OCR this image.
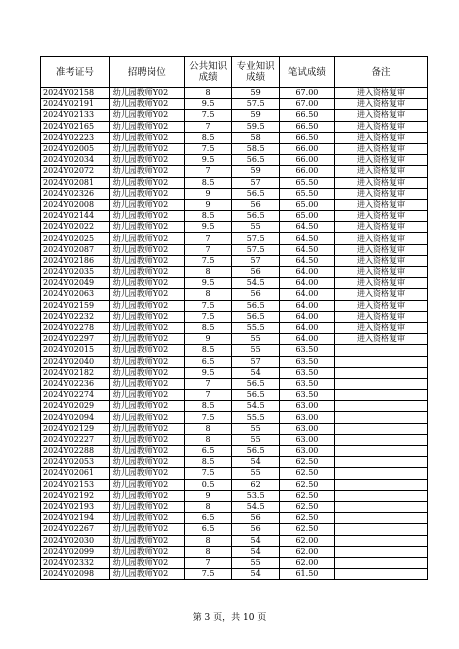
准考证号	招聘岗位	公共知识成绩	专业知识成绩	笔试成绩	备注
2024Y02158	幼儿园教师Y02	8	59	67.00	进入资格复审
2024Y02191	幼儿园教师Y02	9.5	57.5	67.00	进入资格复审
2024Y02133	幼儿园教师Y02	7.5	59	66.50	进入资格复审
2024Y02165	幼儿园教师Y02	7	59.5	66.50	进入资格复审
2024Y02223	幼儿园教师Y02	8.5	58	66.50	进入资格复审
2024Y02005	幼儿园教师Y02	7.5	58.5	66.00	进入资格复审
2024Y02034	幼儿园教师Y02	9.5	56.5	66.00	进入资格复审
2024Y02072	幼儿园教师Y02	7	59	66.00	进入资格复审
2024Y02081	幼儿园教师Y02	8.5	57	65.50	进入资格复审
2024Y02326	幼儿园教师Y02	9	56.5	65.50	进入资格复审
2024Y02008	幼儿园教师Y02	9	56	65.00	进入资格复审
2024Y02144	幼儿园教师Y02	8.5	56.5	65.00	进入资格复审
2024Y02022	幼儿园教师Y02	9.5	55	64.50	进入资格复审
2024Y02025	幼儿园教师Y02	7	57.5	64.50	进入资格复审
2024Y02087	幼儿园教师Y02	7	57.5	64.50	进入资格复审
2024Y02186	幼儿园教师Y02	7.5	57	64.50	进入资格复审
2024Y02035	幼儿园教师Y02	8	56	64.00	进入资格复审
2024Y02049	幼儿园教师Y02	9.5	54.5	64.00	进入资格复审
2024Y02063	幼儿园教师Y02	8	56	64.00	进入资格复审
2024Y02159	幼儿园教师Y02	7.5	56.5	64.00	进入资格复审
2024Y02232	幼儿园教师Y02	7.5	56.5	64.00	进入资格复审
2024Y02278	幼儿园教师Y02	8.5	55.5	64.00	进入资格复审
2024Y02297	幼儿园教师Y02	9	55	64.00	进入资格复审
2024Y02015	幼儿园教师Y02	8.5	55	63.50	
2024Y02040	幼儿园教师Y02	6.5	57	63.50	
2024Y02182	幼儿园教师Y02	9.5	54	63.50	
2024Y02236	幼儿园教师Y02	7	56.5	63.50	
2024Y02274	幼儿园教师Y02	7	56.5	63.50	
2024Y02029	幼儿园教师Y02	8.5	54.5	63.00	
2024Y02094	幼儿园教师Y02	7.5	55.5	63.00	
2024Y02129	幼儿园教师Y02	8	55	63.00	
2024Y02227	幼儿园教师Y02	8	55	63.00	
2024Y02288	幼儿园教师Y02	6.5	56.5	63.00	
2024Y02053	幼儿园教师Y02	8.5	54	62.50	
2024Y02061	幼儿园教师Y02	7.5	55	62.50	
2024Y02153	幼儿园教师Y02	0.5	62	62.50	
2024Y02192	幼儿园教师Y02	9	53.5	62.50	
2024Y02193	幼儿园教师Y02	8	54.5	62.50	
2024Y02194	幼儿园教师Y02	6.5	56	62.50	
2024Y02267	幼儿园教师Y02	6.5	56	62.50	
2024Y02030	幼儿园教师Y02	8	54	62.00	
2024Y02099	幼儿园教师Y02	8	54	62.00	
2024Y02332	幼儿园教师Y02	7	55	62.00	
2024Y02098	幼儿园教师Y02	7.5	54	61.50	
第 3 页，共 10 页
